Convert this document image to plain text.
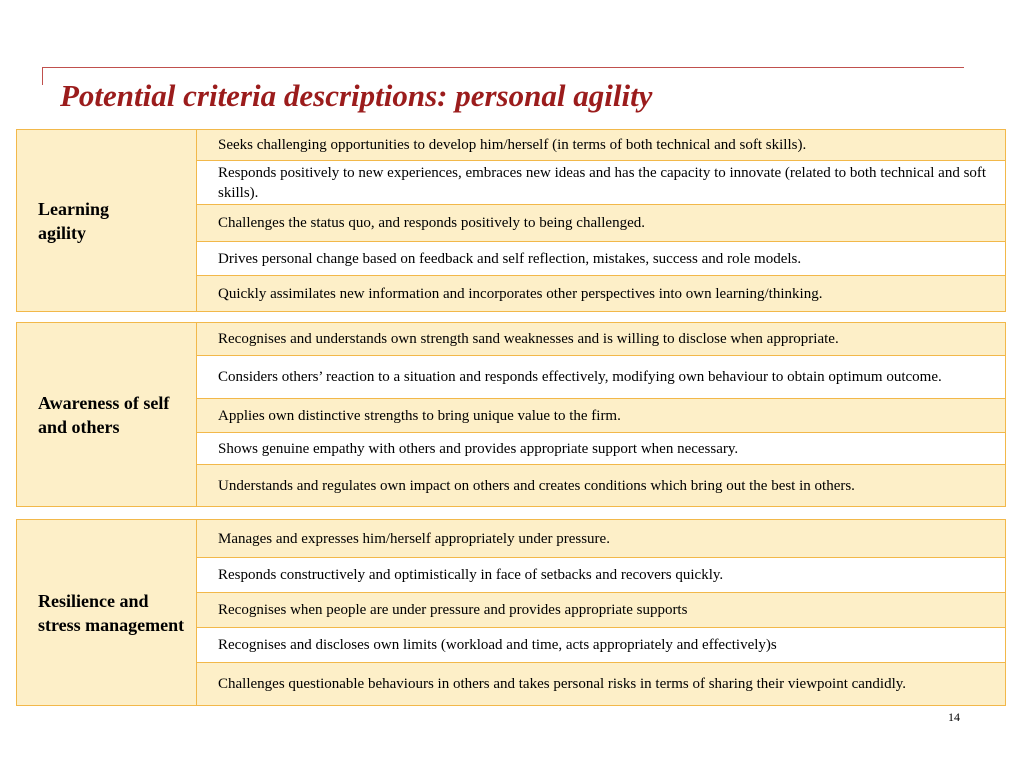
Potential criteria descriptions: personal agility
Learning agility
Seeks challenging opportunities to develop him/herself (in terms of both technical and soft skills).
Responds positively to new experiences, embraces new ideas and has the capacity to innovate (related to both technical and soft skills).
Challenges the status quo, and responds positively to being challenged.
Drives personal change based on feedback and self reflection, mistakes, success and role models.
Quickly assimilates new information and incorporates other perspectives into own learning/thinking.
Awareness of self and others
Recognises and understands own strength sand weaknesses and is willing to disclose when appropriate.
Considers others’ reaction to a situation and responds effectively, modifying own behaviour to obtain optimum outcome.
Applies own distinctive strengths to bring unique value to the firm.
Shows genuine empathy with others and provides appropriate support when necessary.
Understands and regulates own impact on others and creates conditions which bring out the best in others.
Resilience and stress management
Manages and expresses him/herself appropriately under pressure.
Responds constructively and optimistically in face of setbacks and recovers quickly.
Recognises when people are under pressure and provides appropriate supports
Recognises and discloses own limits (workload and time, acts appropriately and effectively)s
Challenges questionable behaviours in others and takes personal risks in terms of sharing their viewpoint candidly.
14
